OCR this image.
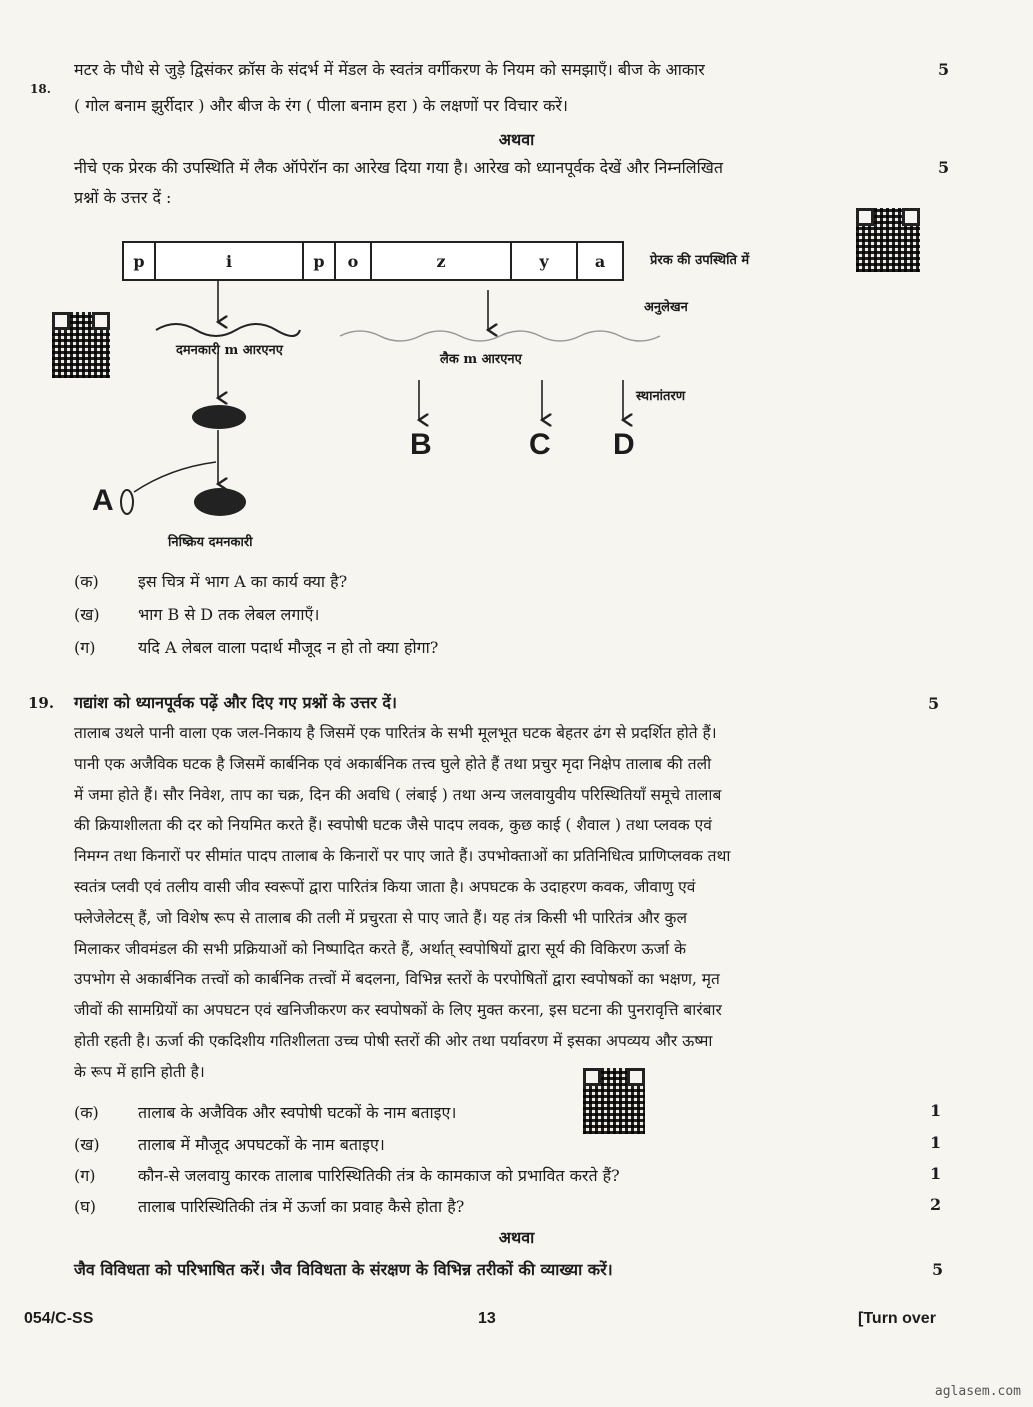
18.
मटर के पौधे से जुड़े द्विसंकर क्रॉस के संदर्भ में मेंडल के स्वतंत्र वर्गीकरण के नियम को समझाएँ। बीज के आकार
( गोल बनाम झुर्रीदार ) और बीज के रंग ( पीला बनाम हरा ) के लक्षणों पर विचार करें।
5
अथवा
नीचे एक प्रेरक की उपस्थिति में लैक ऑपेरॉन का आरेख दिया गया है। आरेख को ध्यानपूर्वक देखें और निम्नलिखित
प्रश्नों के उत्तर दें :
5
p	i	p	o	z	y	a	प्रेरक की उपस्थिति में
अनुलेखन
दमनकारी m आरएनए
लैक m आरएनए
स्थानांतरण
निष्क्रिय दमनकारी
A
B	C D
(क) इस चित्र में भाग A का कार्य क्या है?
(ख) भाग B से D तक लेबल लगाएँ।
(ग)	यदि A लेबल वाला पदार्थ मौजूद न हो तो क्या होगा?
19. गद्यांश को ध्यानपूर्वक पढ़ें और दिए गए प्रश्नों के उत्तर दें।	5
तालाब उथले पानी वाला एक जल-निकाय है जिसमें एक पारितंत्र के सभी मूलभूत घटक बेहतर ढंग से प्रदर्शित होते हैं।
पानी एक अजैविक घटक है जिसमें कार्बनिक एवं अकार्बनिक तत्त्व घुले होते हैं तथा प्रचुर मृदा निक्षेप तालाब की तली
में जमा होते हैं। सौर निवेश, ताप का चक्र, दिन की अवधि ( लंबाई ) तथा अन्य जलवायुवीय परिस्थितियाँ समूचे तालाब
की क्रियाशीलता की दर को नियमित करते हैं। स्वपोषी घटक जैसे पादप लवक, कुछ काई ( शैवाल ) तथा प्लवक एवं
निमग्न तथा किनारों पर सीमांत पादप तालाब के किनारों पर पाए जाते हैं। उपभोक्ताओं का प्रतिनिधित्व प्राणिप्लवक तथा
स्वतंत्र प्लवी एवं तलीय वासी जीव स्वरूपों द्वारा पारितंत्र किया जाता है। अपघटक के उदाहरण कवक, जीवाणु एवं
फ्लेजेलेटस् हैं, जो विशेष रूप से तालाब की तली में प्रचुरता से पाए जाते हैं। यह तंत्र किसी भी पारितंत्र और कुल
मिलाकर जीवमंडल की सभी प्रक्रियाओं को निष्पादित करते हैं, अर्थात् स्वपोषियों द्वारा सूर्य की विकिरण ऊर्जा के
उपभोग से अकार्बनिक तत्त्वों को कार्बनिक तत्त्वों में बदलना, विभिन्न स्तरों के परपोषितों द्वारा स्वपोषकों का भक्षण, मृत
जीवों की सामग्रियों का अपघटन एवं खनिजीकरण कर स्वपोषकों के लिए मुक्त करना, इस घटना की पुनरावृत्ति बारंबार
होती रहती है। ऊर्जा की एकदिशीय गतिशीलता उच्च पोषी स्तरों की ओर तथा पर्यावरण में इसका अपव्यय और ऊष्मा
के रूप में हानि होती है।
(क) तालाब के अजैविक और स्वपोषी घटकों के नाम बताइए।	1
(ख) तालाब में मौजूद अपघटकों के नाम बताइए।	1
(ग)	कौन-से जलवायु कारक तालाब पारिस्थितिकी तंत्र के कामकाज को प्रभावित करते हैं?	1
(घ)	तालाब पारिस्थितिकी तंत्र में ऊर्जा का प्रवाह कैसे होता है?	2
अथवा
जैव विविधता को परिभाषित करें। जैव विविधता के संरक्षण के विभिन्न तरीकों की व्याख्या करें।	5
054/C-SS	13	[Turn over
aglasem.com
